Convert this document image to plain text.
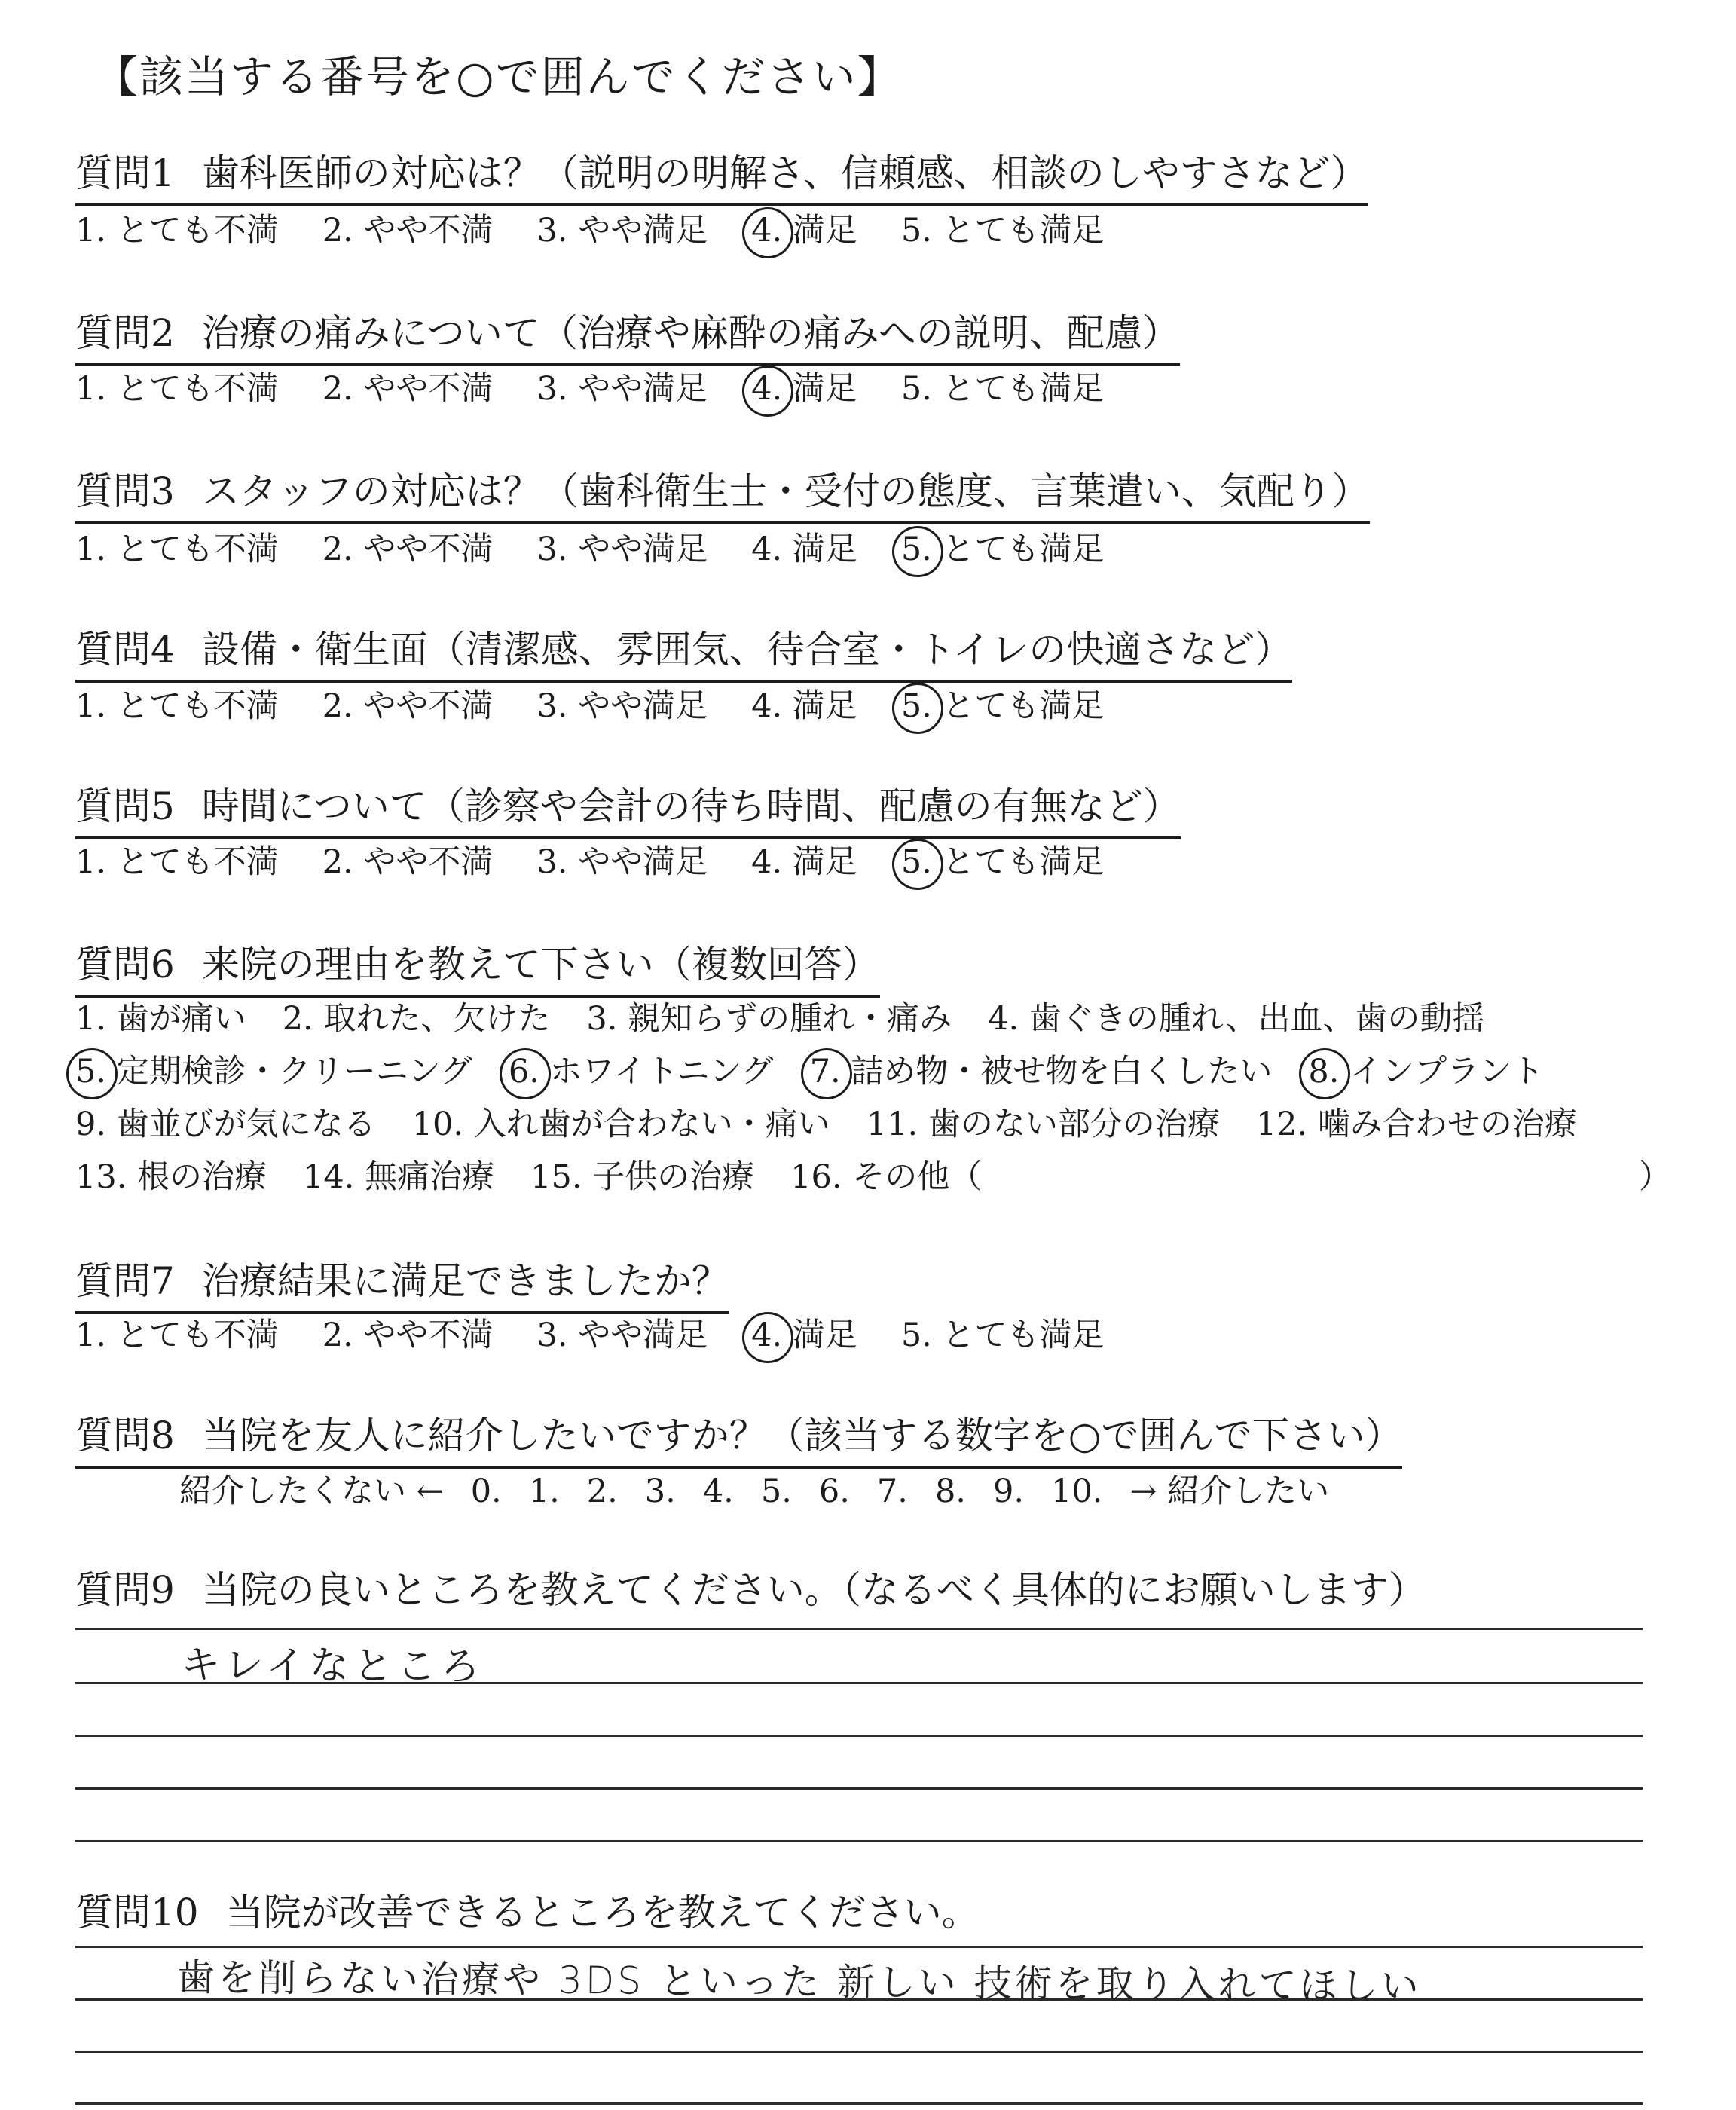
【該当する番号を○で囲んでください】
質問1 歯科医師の対応は？（説明の明解さ、信頼感、相談のしやすさなど）
1. とても不満 2. やや不満 3. やや満足 4. 満足 5. とても満足
質問2 治療の痛みについて（治療や麻酔の痛みへの説明、配慮）
1. とても不満 2. やや不満 3. やや満足 4. 満足 5. とても満足
質問3 スタッフの対応は？（歯科衛生士・受付の態度、言葉遣い、気配り）
1. とても不満 2. やや不満 3. やや満足 4. 満足 5. とても満足
質問4 設備・衛生面（清潔感、雰囲気、待合室・トイレの快適さなど）
1. とても不満 2. やや不満 3. やや満足 4. 満足 5. とても満足
質問5 時間について（診察や会計の待ち時間、配慮の有無など）
1. とても不満 2. やや不満 3. やや満足 4. 満足 5. とても満足
質問6 来院の理由を教えて下さい（複数回答）
1. 歯が痛い 2. 取れた、欠けた 3. 親知らずの腫れ・痛み 4. 歯ぐきの腫れ、出血、歯の動揺
5. 定期検診・クリーニング 6. ホワイトニング 7. 詰め物・被せ物を白くしたい 8. インプラント
9. 歯並びが気になる 10. 入れ歯が合わない・痛い 11. 歯のない部分の治療 12. 噛み合わせの治療
13. 根の治療 14. 無痛治療 15. 子供の治療 16. その他（	）
質問7 治療結果に満足できましたか？
1. とても不満 2. やや不満 3. やや満足 4. 満足 5. とても満足
質問8 当院を友人に紹介したいですか？（該当する数字を○で囲んで下さい）
紹介したくない ← 0. 1. 2. 3. 4. 5. 6. 7. 8. 9. 10. → 紹介したい
質問9 当院の良いところを教えてください。（なるべく具体的にお願いします）
キレイなところ
質問10 当院が改善できるところを教えてください。
歯を削らない治療や 3DS といった 新しい 技術を取り入れてほしい
